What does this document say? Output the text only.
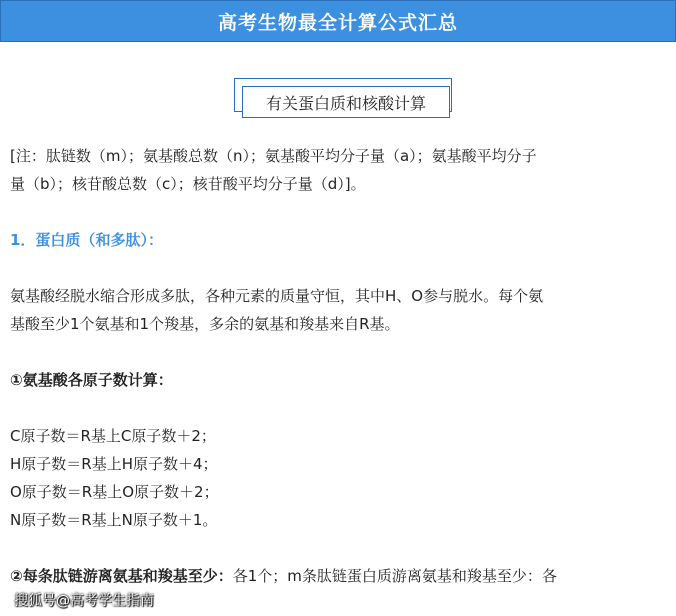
高考生物最全计算公式汇总
有关蛋白质和核酸计算
[注：肽链数（m）；氨基酸总数（n）；氨基酸平均分子量（a）；氨基酸平均分子
量（b）；核苷酸总数（c）；核苷酸平均分子量（d）]。
1．蛋白质（和多肽）：
氨基酸经脱水缩合形成多肽，各种元素的质量守恒，其中H、O参与脱水。每个氨
基酸至少1个氨基和1个羧基，多余的氨基和羧基来自R基。
①氨基酸各原子数计算：
C原子数＝R基上C原子数＋2；
H原子数＝R基上H原子数＋4；
O原子数＝R基上O原子数＋2；
N原子数＝R基上N原子数＋1。
②每条肽链游离氨基和羧基至少：各1个；m条肽链蛋白质游离氨基和羧基至少：各
搜狐号@高考学生指南
